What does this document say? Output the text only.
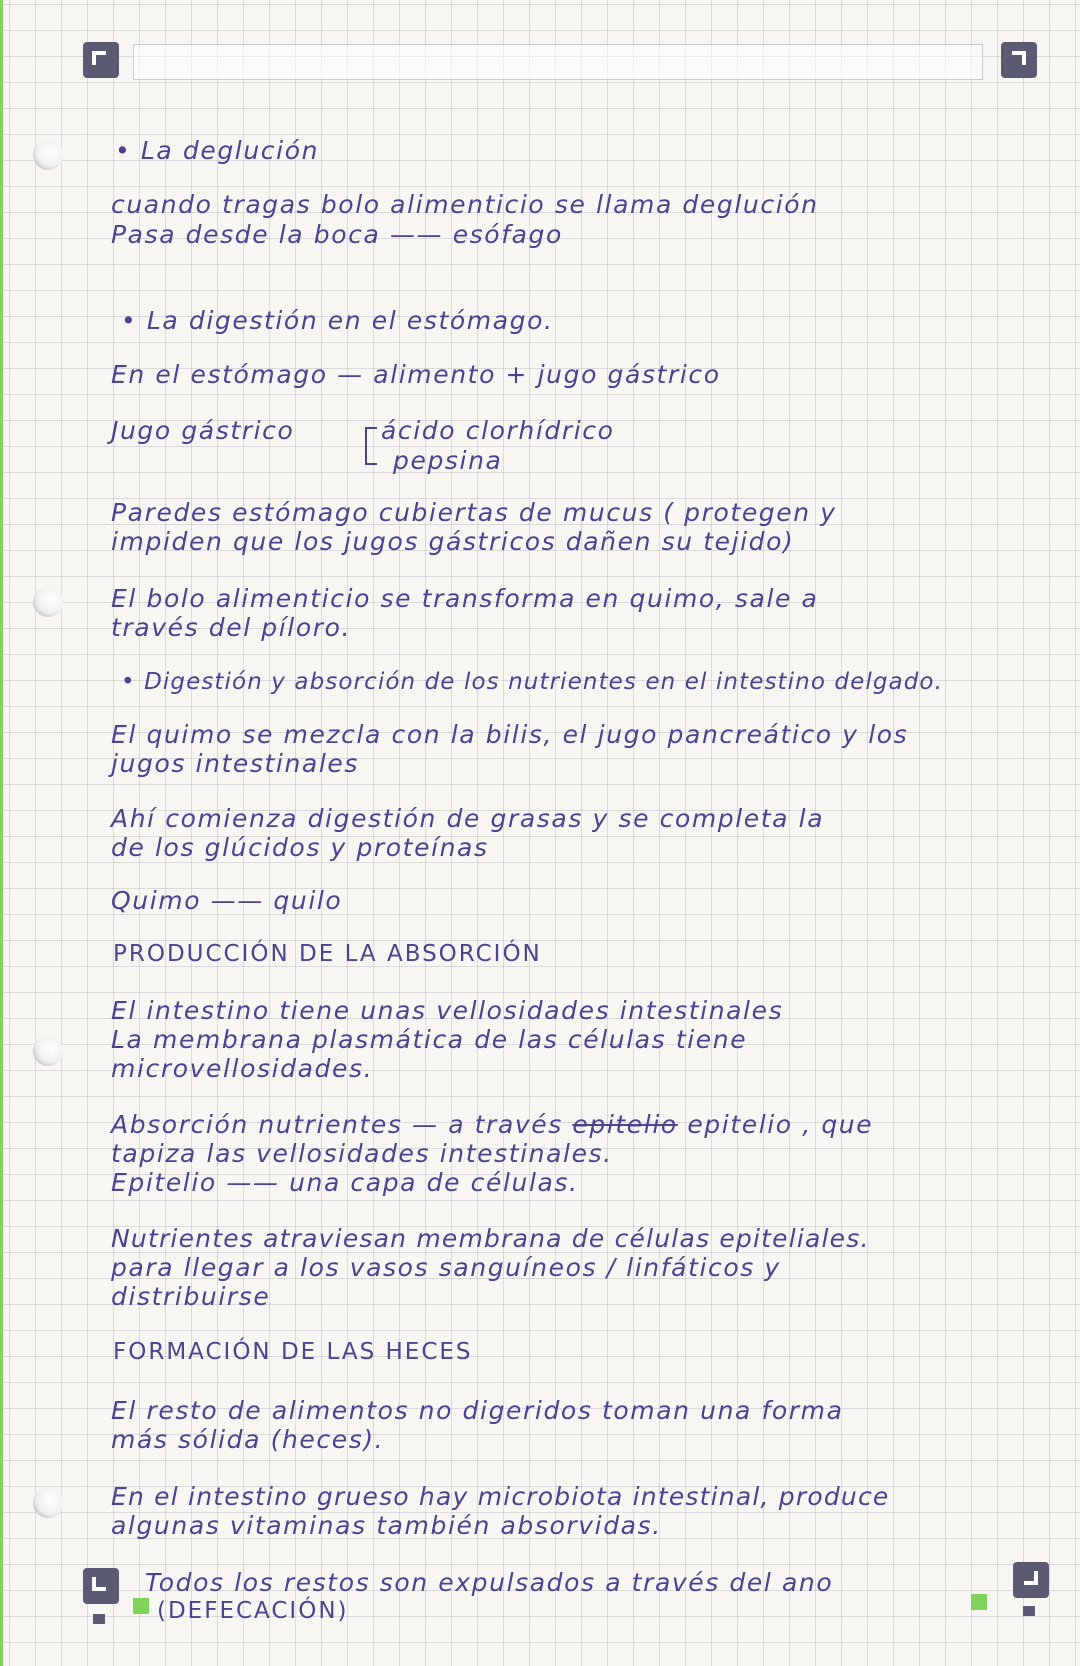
• La deglución

cuando tragas bolo alimenticio se llama deglución

Pasa desde la boca —— esófago

• La digestión en el estómago.

En el estómago — alimento + jugo gástrico

Jugo gástrico	ácido clorhídrico

pepsina

Paredes estómago cubiertas de mucus ( protegen y

impiden que los jugos gástricos dañen su tejido)

El bolo alimenticio se transforma en quimo, sale a

través del píloro.

• Digestión y absorción de los nutrientes en el intestino delgado.

El quimo se mezcla con la bilis, el jugo pancreático y los

jugos intestinales

Ahí comienza digestión de grasas y se completa la

de los glúcidos y proteínas

Quimo —— quilo

PRODUCCIÓN DE LA ABSORCIÓN

El intestino tiene unas vellosidades intestinales

La membrana plasmática de las células tiene

microvellosidades.

Absorción nutrientes — a través epitelio epitelio , que

tapiza las vellosidades intestinales.

Epitelio —— una capa de células.

Nutrientes atraviesan membrana de células epiteliales.

para llegar a los vasos sanguíneos / linfáticos y

distribuirse

FORMACIÓN DE LAS HECES

El resto de alimentos no digeridos toman una forma

más sólida (heces).

En el intestino grueso hay microbiota intestinal, produce

algunas vitaminas también absorvidas.

Todos los restos son expulsados a través del ano

(DEFECACIÓN)
